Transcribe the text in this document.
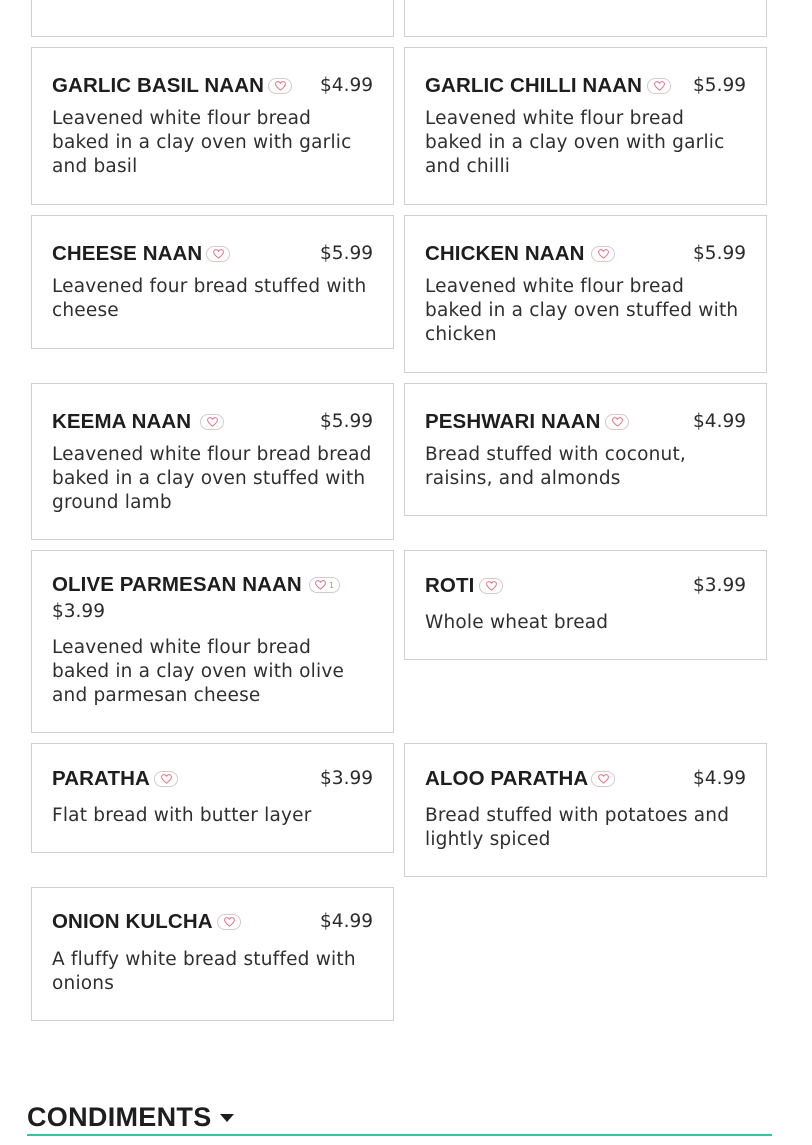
GARLIC BASIL NAAN	$4.99
Leavened white flour bread
baked in a clay oven with garlic
and basil
GARLIC CHILLI NAAN	$5.99
Leavened white flour bread
baked in a clay oven with garlic
and chilli
CHEESE NAAN	$5.99
Leavened four bread stuffed with
cheese
CHICKEN NAAN	$5.99
Leavened white flour bread
baked in a clay oven stuffed with
chicken
KEEMA NAAN	$5.99
Leavened white flour bread bread
baked in a clay oven stuffed with
ground lamb
PESHWARI NAAN	$4.99
Bread stuffed with coconut,
raisins, and almonds
OLIVE PARMESAN NAAN	1
$3.99
Leavened white flour bread
baked in a clay oven with olive
and parmesan cheese
ROTI	$3.99
Whole wheat bread
PARATHA	$3.99
Flat bread with butter layer
ALOO PARATHA	$4.99
Bread stuffed with potatoes and
lightly spiced
ONION KULCHA	$4.99
A fluffy white bread stuffed with
onions
CONDIMENTS
